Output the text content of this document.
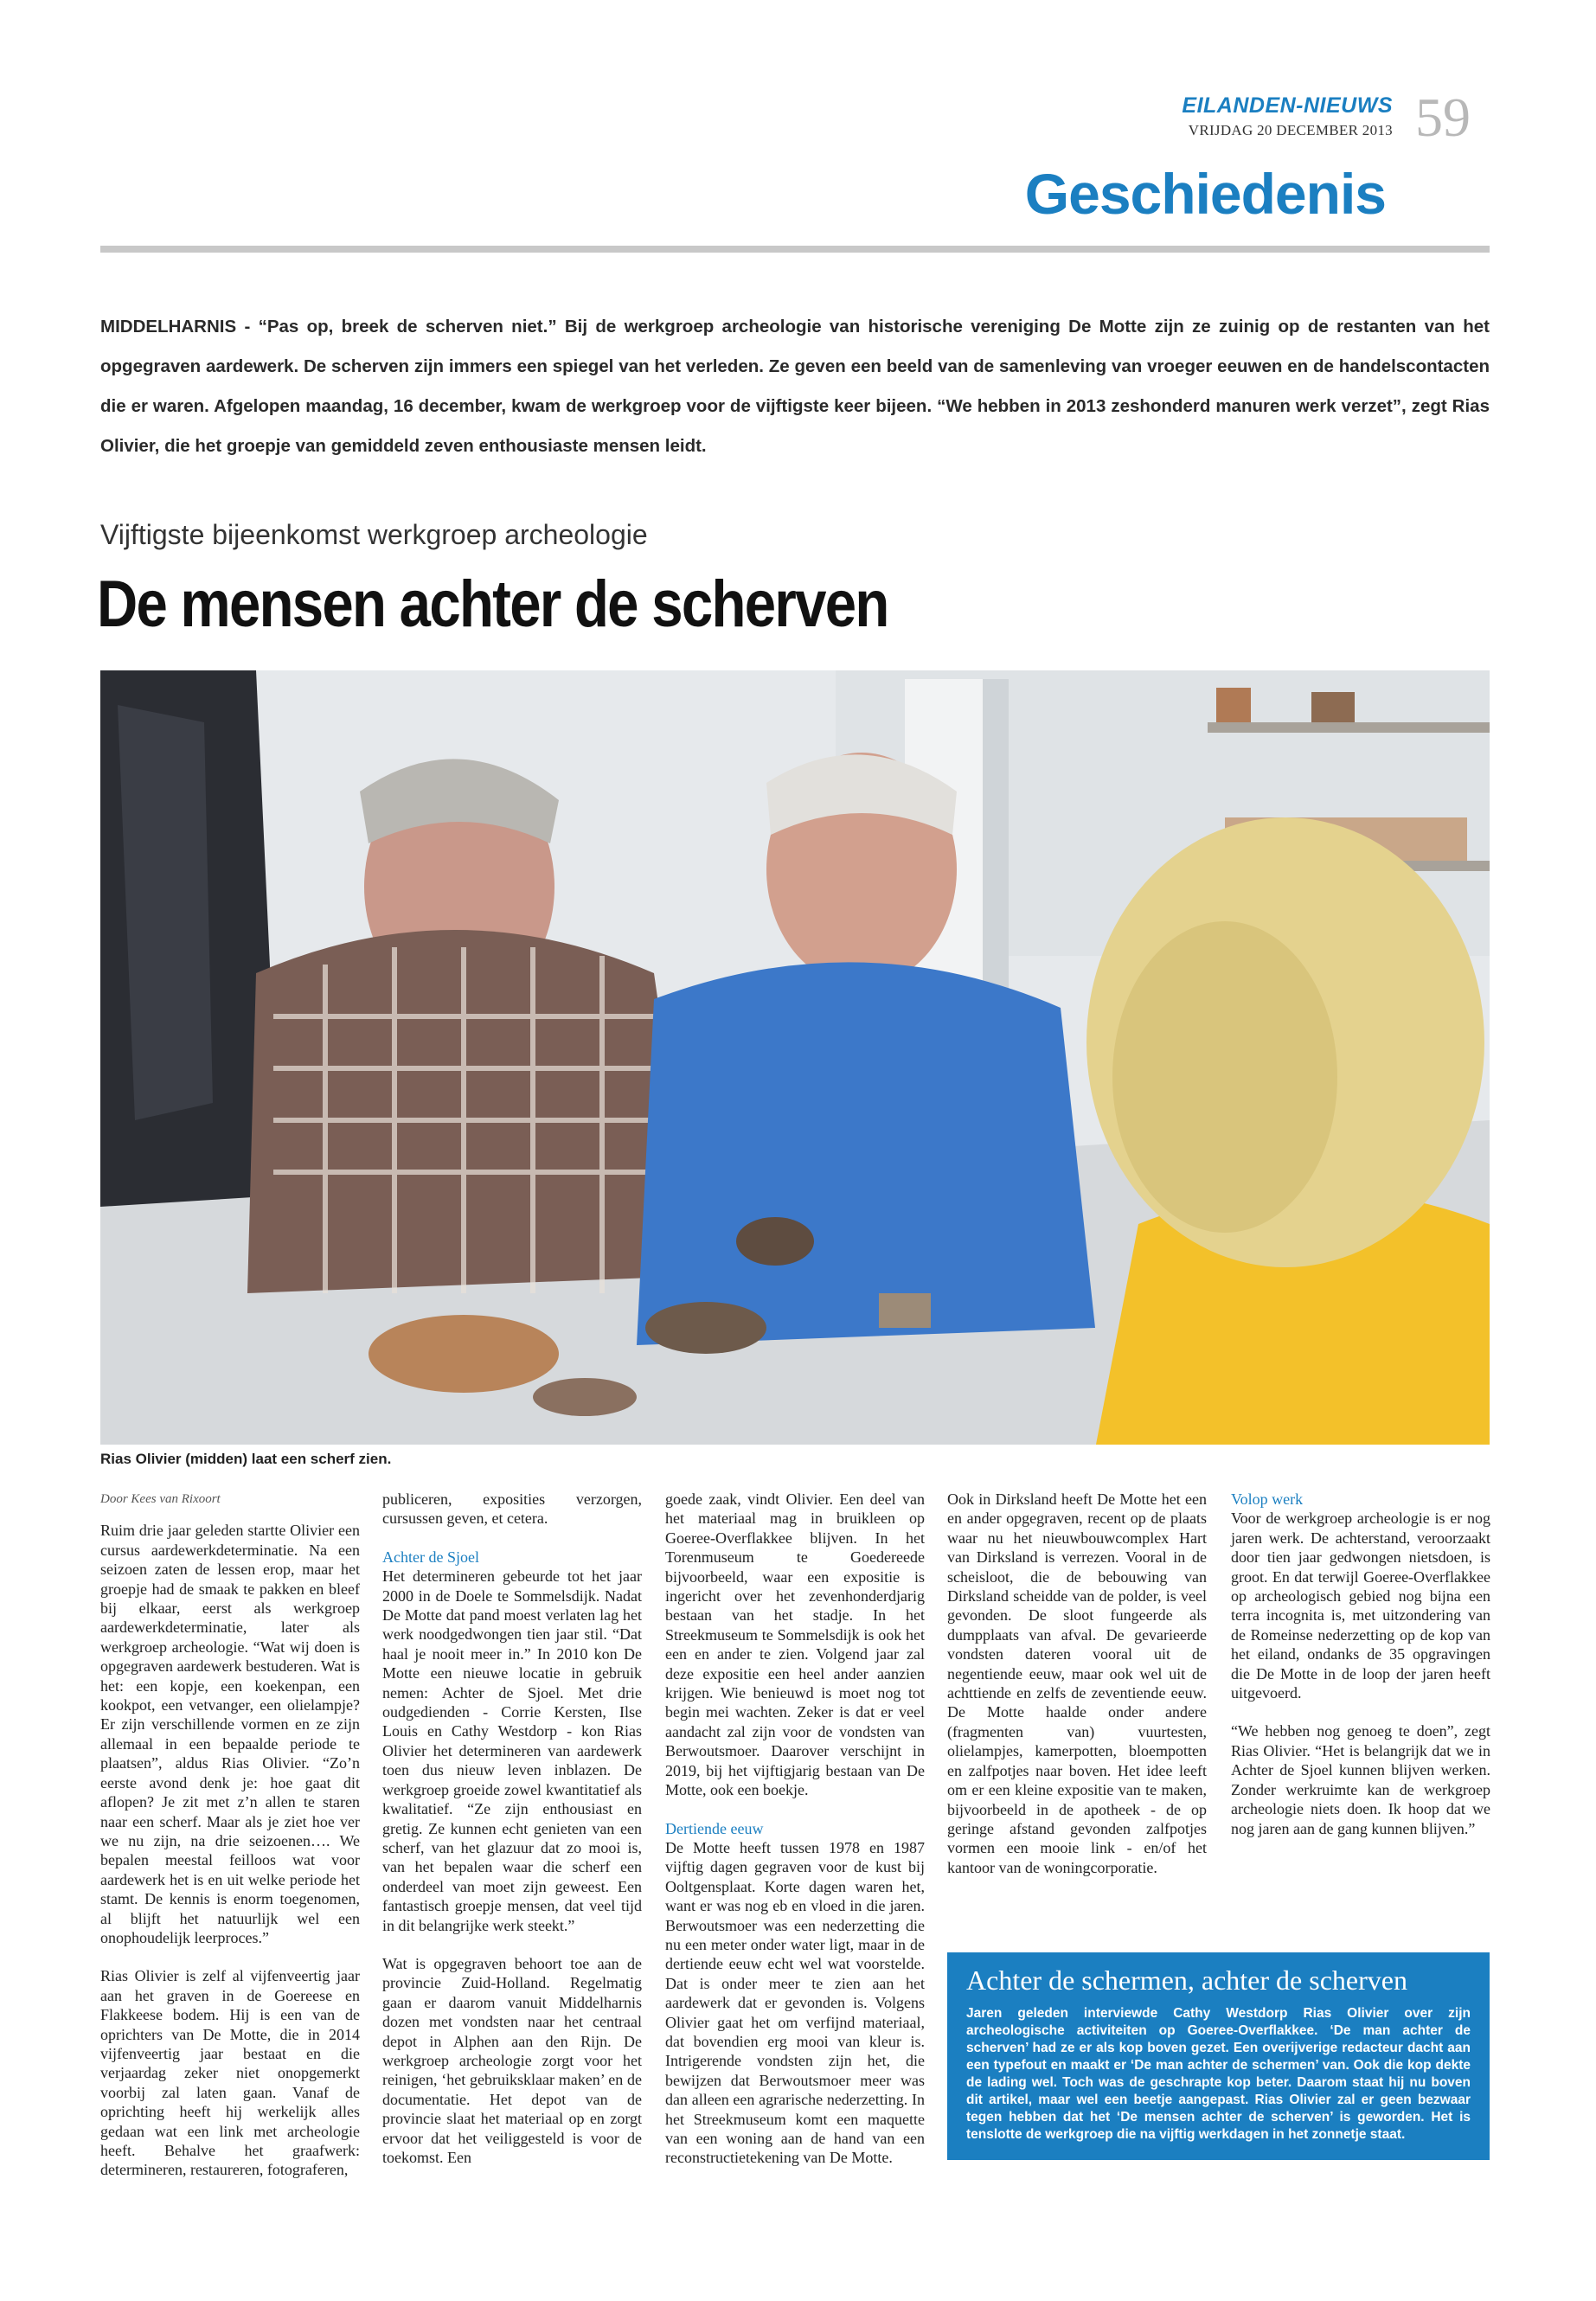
EILANDEN-NIEUWS
VRIJDAG 20 DECEMBER 2013 59
Geschiedenis
MIDDELHARNIS - “Pas op, breek de scherven niet.” Bij de werkgroep archeologie van historische vereniging De Motte zijn ze zuinig op de restanten van het opgegraven aardewerk. De scherven zijn immers een spiegel van het verleden. Ze geven een beeld van de samenleving van vroeger eeuwen en de handelscontacten die er waren. Afgelopen maandag, 16 december, kwam de werkgroep voor de vijftigste keer bijeen. “We hebben in 2013 zeshonderd manuren werk verzet”, zegt Rias Olivier, die het groepje van gemiddeld zeven enthousiaste mensen leidt.
Vijftigste bijeenkomst werkgroep archeologie
De mensen achter de scherven
Rias Olivier (midden) laat een scherf zien.

Door Kees van Rixoort

Ruim drie jaar geleden startte Olivier een cursus aardewerkdeterminatie. Na een seizoen zaten de lessen erop, maar het groepje had de smaak te pakken en bleef bij elkaar, eerst als werkgroep aardewerkdeterminatie, later als werkgroep archeologie. “Wat wij doen is opgegraven aardewerk bestuderen. Wat is het: een kopje, een koekenpan, een kookpot, een vetvanger, een olielampje? Er zijn verschillende vormen en ze zijn allemaal in een bepaalde periode te plaatsen”, aldus Rias Olivier. “Zo’n eerste avond denk je: hoe gaat dit aflopen? Je zit met z’n allen te staren naar een scherf. Maar als je ziet hoe ver we nu zijn, na drie seizoenen…. We bepalen meestal feilloos wat voor aardewerk het is en uit welke periode het stamt. De kennis is enorm toegenomen, al blijft het natuurlijk wel een onophoudelijk leerproces.”

Rias Olivier is zelf al vijfenveertig jaar aan het graven in de Goereese en Flakkeese bodem. Hij is een van de oprichters van De Motte, die in 2014 vijfenveertig jaar bestaat en die verjaardag zeker niet onopgemerkt voorbij zal laten gaan. Vanaf de oprichting heeft hij werkelijk alles gedaan wat een link met archeologie heeft. Behalve het graafwerk: determineren, restaureren, fotograferen,

publiceren, exposities verzorgen, cursussen geven, et cetera.

Achter de Sjoel

Het determineren gebeurde tot het jaar 2000 in de Doele te Sommelsdijk. Nadat De Motte dat pand moest verlaten lag het werk noodgedwongen tien jaar stil. “Dat haal je nooit meer in.” In 2010 kon De Motte een nieuwe locatie in gebruik nemen: Achter de Sjoel. Met drie oudgedienden - Corrie Kersten, Ilse Louis en Cathy Westdorp - kon Rias Olivier het determineren van aardewerk toen dus nieuw leven inblazen. De werkgroep groeide zowel kwantitatief als kwalitatief. “Ze zijn enthousiast en gretig. Ze kunnen echt genieten van een scherf, van het glazuur dat zo mooi is, van het bepalen waar die scherf een onderdeel van moet zijn geweest. Een fantastisch groepje mensen, dat veel tijd in dit belangrijke werk steekt.”

Wat is opgegraven behoort toe aan de provincie Zuid-Holland. Regelmatig gaan er daarom vanuit Middelharnis dozen met vondsten naar het centraal depot in Alphen aan den Rijn. De werkgroep archeologie zorgt voor het reinigen, ‘het gebruiksklaar maken’ en de documentatie. Het depot van de provincie slaat het materiaal op en zorgt ervoor dat het veiliggesteld is voor de toekomst. Een

goede zaak, vindt Olivier. Een deel van het materiaal mag in bruikleen op Goeree-Overflakkee blijven. In het Torenmuseum te Goedereede bijvoorbeeld, waar een expositie is ingericht over het zevenhonderdjarig bestaan van het stadje. In het Streekmuseum te Sommelsdijk is ook het een en ander te zien. Volgend jaar zal deze expositie een heel ander aanzien krijgen. Wie benieuwd is moet nog tot begin mei wachten. Zeker is dat er veel aandacht zal zijn voor de vondsten van Berwoutsmoer. Daarover verschijnt in 2019, bij het vijftigjarig bestaan van De Motte, ook een boekje.

Dertiende eeuw

De Motte heeft tussen 1978 en 1987 vijftig dagen gegraven voor de kust bij Ooltgensplaat. Korte dagen waren het, want er was nog eb en vloed in die jaren. Berwoutsmoer was een nederzetting die nu een meter onder water ligt, maar in de dertiende eeuw echt wel wat voorstelde. Dat is onder meer te zien aan het aardewerk dat er gevonden is. Volgens Olivier gaat het om verfijnd materiaal, dat bovendien erg mooi van kleur is. Intrigerende vondsten zijn het, die bewijzen dat Berwoutsmoer meer was dan alleen een agrarische nederzetting. In het Streekmuseum komt een maquette van een woning aan de hand van een reconstructietekening van De Motte.

Ook in Dirksland heeft De Motte het een en ander opgegraven, recent op de plaats waar nu het nieuwbouwcomplex Hart van Dirksland is verrezen. Vooral in de scheisloot, die de bebouwing van Dirksland scheidde van de polder, is veel gevonden. De sloot fungeerde als dumpplaats van afval. De gevarieerde vondsten dateren vooral uit de negentiende eeuw, maar ook wel uit de achttiende en zelfs de zeventiende eeuw. De Motte haalde onder andere (fragmenten van) vuurtesten, olielampjes, kamerpotten, bloempotten en zalfpotjes naar boven. Het idee leeft om er een kleine expositie van te maken, bijvoorbeeld in de apotheek - de op geringe afstand gevonden zalfpotjes vormen een mooie link - en/of het kantoor van de woningcorporatie.

Volop werk

Voor de werkgroep archeologie is er nog jaren werk. De achterstand, veroorzaakt door tien jaar gedwongen nietsdoen, is groot. En dat terwijl Goeree-Overflakkee op archeologisch gebied nog bijna een terra incognita is, met uitzondering van de Romeinse nederzetting op de kop van het eiland, ondanks de 35 opgravingen die De Motte in de loop der jaren heeft uitgevoerd.

“We hebben nog genoeg te doen”, zegt Rias Olivier. “Het is belangrijk dat we in Achter de Sjoel kunnen blijven werken. Zonder werkruimte kan de werkgroep archeologie niets doen. Ik hoop dat we nog jaren aan de gang kunnen blijven.”

Achter de schermen, achter de scherven

Jaren geleden interviewde Cathy Westdorp Rias Olivier over zijn archeologische activiteiten op Goeree-Overflakkee. ‘De man achter de scherven’ had ze er als kop boven gezet. Een overijverige redacteur dacht aan een typefout en maakt er ‘De man achter de schermen’ van. Ook die kop dekte de lading wel. Toch was de geschrapte kop beter. Daarom staat hij nu boven dit artikel, maar wel een beetje aangepast. Rias Olivier zal er geen bezwaar tegen hebben dat het ‘De mensen achter de scherven’ is geworden. Het is tenslotte de werkgroep die na vijftig werkdagen in het zonnetje staat.
